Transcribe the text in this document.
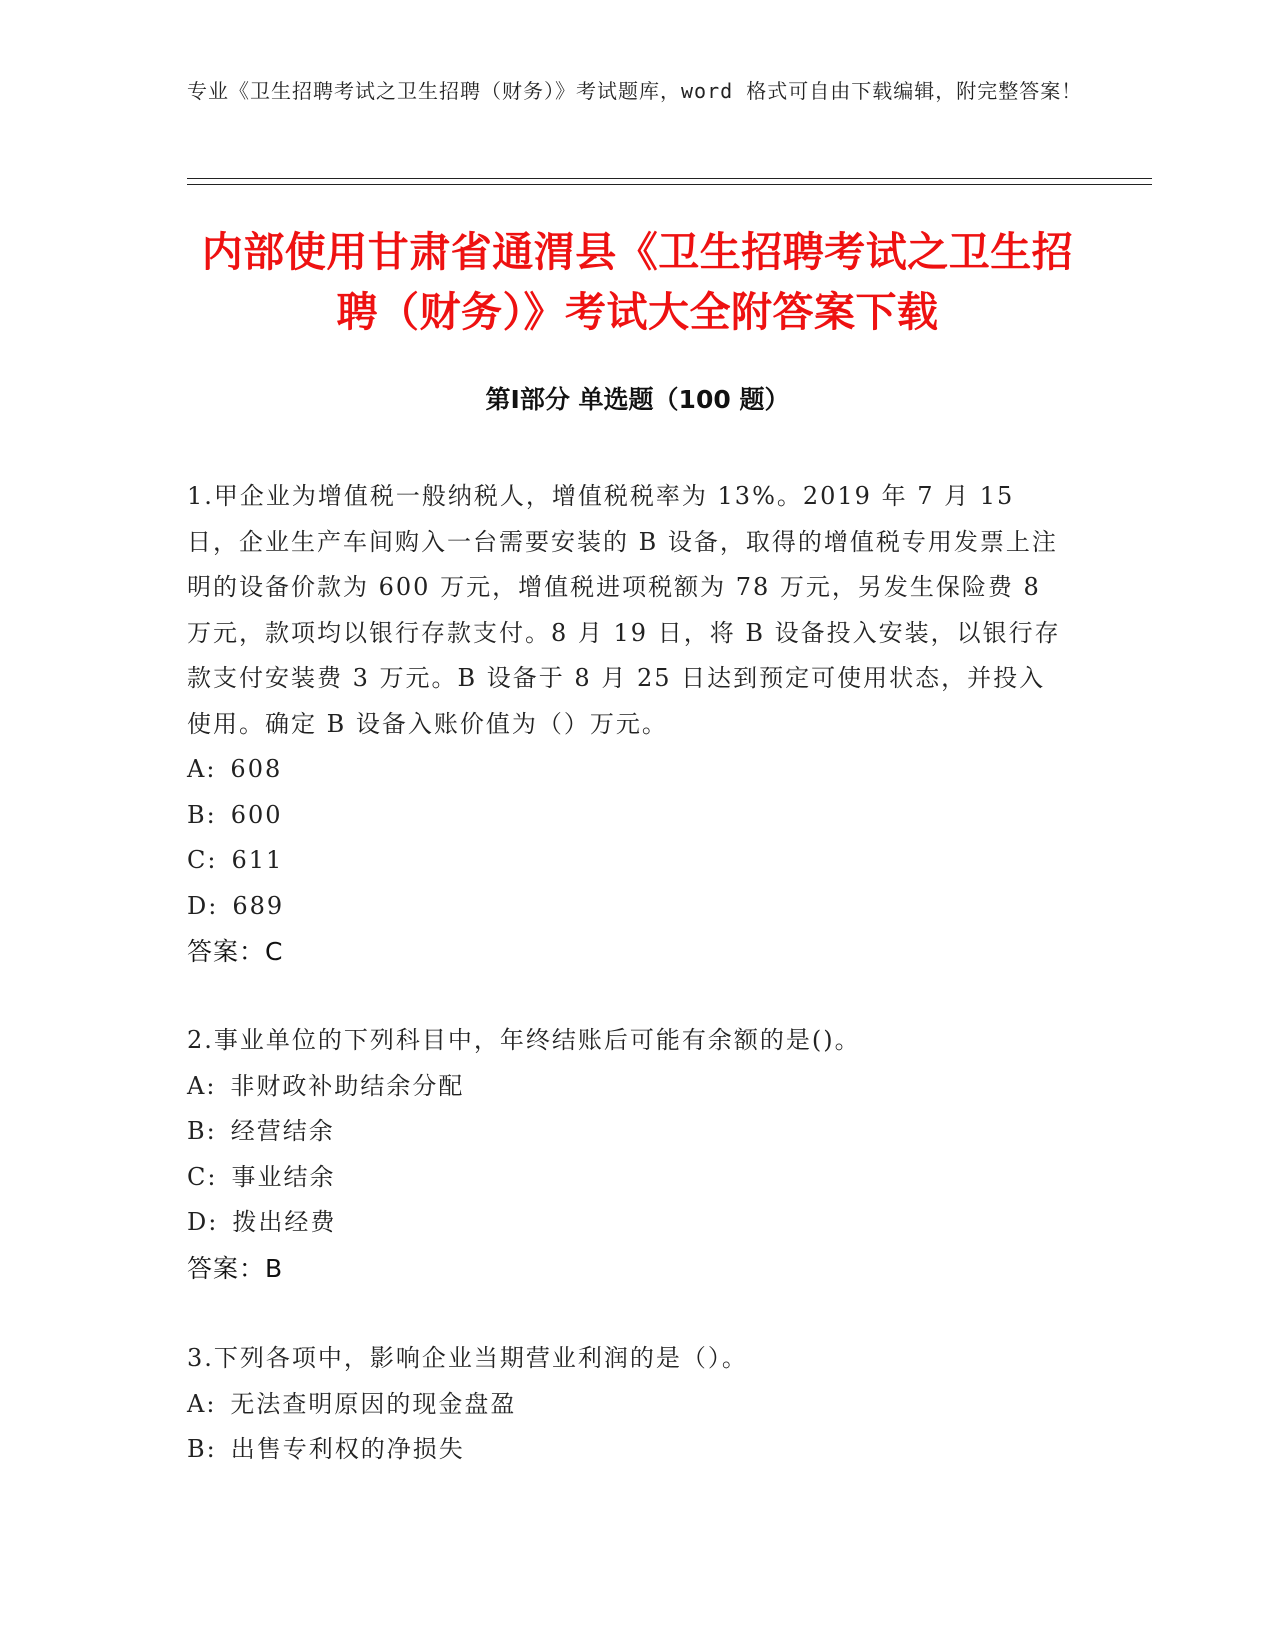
专业《卫生招聘考试之卫生招聘（财务）》考试题库，word 格式可自由下载编辑，附完整答案！
内部使用甘肃省通渭县《卫生招聘考试之卫生招聘（财务）》考试大全附答案下载
第Ⅰ部分 单选题（100 题）

1.甲企业为增值税一般纳税人，增值税税率为 13%。2019 年 7 月 15 日，企业生产车间购入一台需要安装的 B 设备，取得的增值税专用发票上注明的设备价款为 600 万元，增值税进项税额为 78 万元，另发生保险费 8 万元，款项均以银行存款支付。8 月 19 日，将 B 设备投入安装，以银行存款支付安装费 3 万元。B 设备于 8 月 25 日达到预定可使用状态，并投入使用。确定 B 设备入账价值为（）万元。

A: 608

B: 600

C: 611

D: 689

答案：C

2.事业单位的下列科目中，年终结账后可能有余额的是()。

A: 非财政补助结余分配

B: 经营结余

C: 事业结余

D: 拨出经费

答案：B

3.下列各项中，影响企业当期营业利润的是（）。

A: 无法查明原因的现金盘盈

B: 出售专利权的净损失
